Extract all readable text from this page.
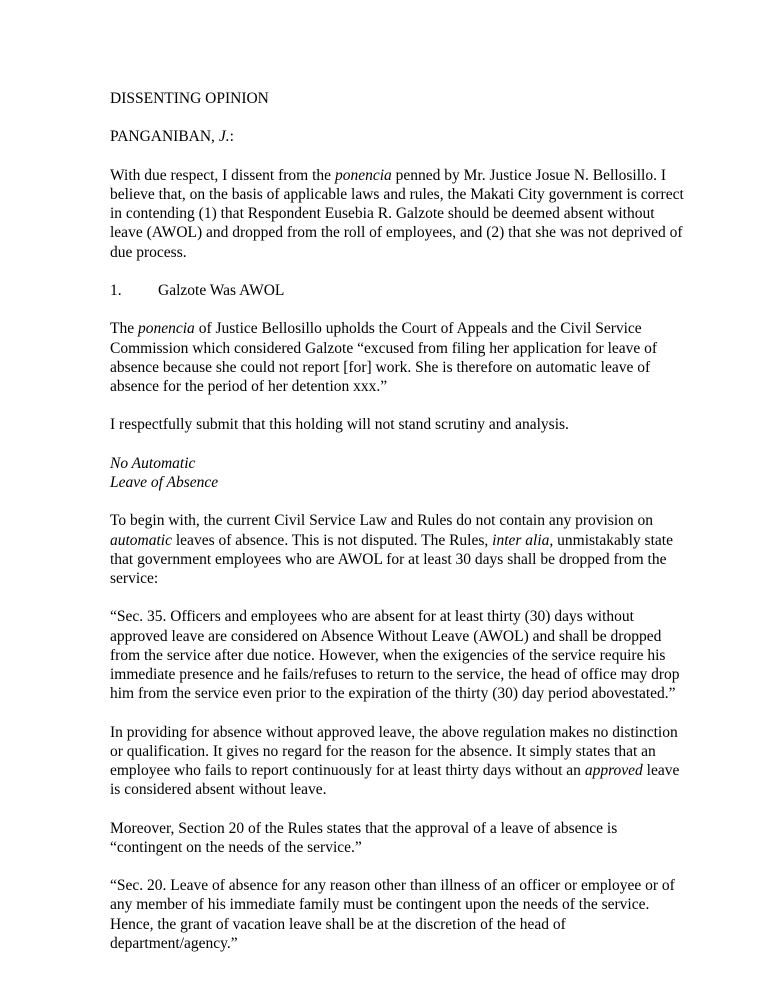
DISSENTING OPINION

PANGANIBAN, J.:

With due respect, I dissent from the ponencia penned by Mr. Justice Josue N. Bellosillo. I believe that, on the basis of applicable laws and rules, the Makati City government is correct in contending (1) that Respondent Eusebia R. Galzote should be deemed absent without leave (AWOL) and dropped from the roll of employees, and (2) that she was not deprived of due process.

1. Galzote Was AWOL

The ponencia of Justice Bellosillo upholds the Court of Appeals and the Civil Service Commission which considered Galzote “excused from filing her application for leave of absence because she could not report [for] work. She is therefore on automatic leave of absence for the period of her detention xxx.”

I respectfully submit that this holding will not stand scrutiny and analysis.

No Automatic
Leave of Absence

To begin with, the current Civil Service Law and Rules do not contain any provision on automatic leaves of absence. This is not disputed. The Rules, inter alia, unmistakably state that government employees who are AWOL for at least 30 days shall be dropped from the service:

“Sec. 35. Officers and employees who are absent for at least thirty (30) days without approved leave are considered on Absence Without Leave (AWOL) and shall be dropped from the service after due notice. However, when the exigencies of the service require his immediate presence and he fails/refuses to return to the service, the head of office may drop him from the service even prior to the expiration of the thirty (30) day period abovestated.”

In providing for absence without approved leave, the above regulation makes no distinction or qualification. It gives no regard for the reason for the absence. It simply states that an employee who fails to report continuously for at least thirty days without an approved leave is considered absent without leave.

Moreover, Section 20 of the Rules states that the approval of a leave of absence is “contingent on the needs of the service.”

“Sec. 20. Leave of absence for any reason other than illness of an officer or employee or of any member of his immediate family must be contingent upon the needs of the service. Hence, the grant of vacation leave shall be at the discretion of the head of department/agency.”
